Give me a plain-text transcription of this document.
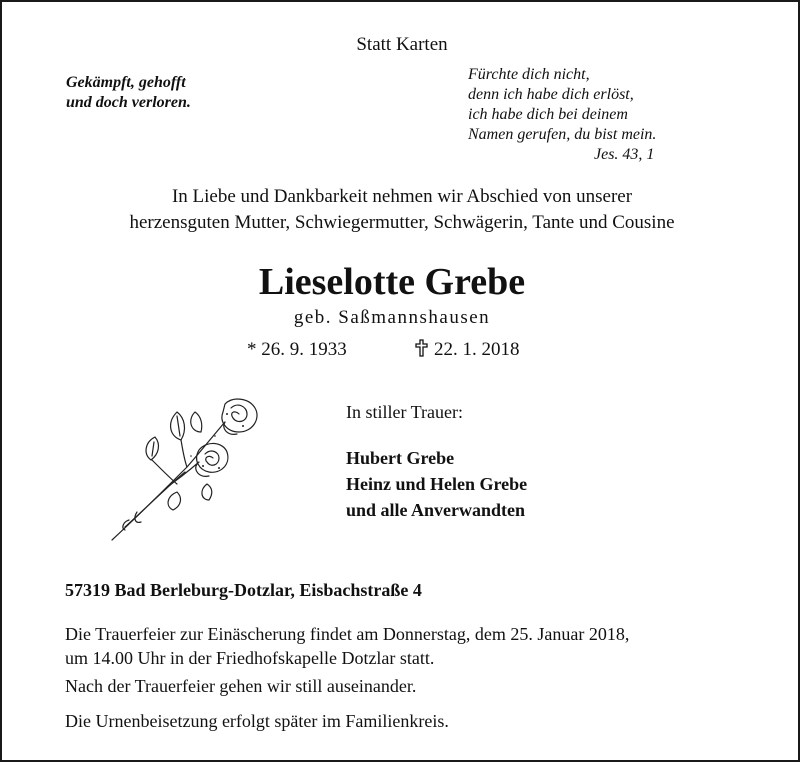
Statt Karten
Gekämpft, gehofft
und doch verloren.
Fürchte dich nicht,
denn ich habe dich erlöst,
ich habe dich bei deinem
Namen gerufen, du bist mein.
Jes. 43, 1
In Liebe und Dankbarkeit nehmen wir Abschied von unserer
herzensguten Mutter, Schwiegermutter, Schwägerin, Tante und Cousine
Lieselotte Grebe
geb. Saßmannshausen
* 26. 9. 1933	22. 1. 2018
In stiller Trauer:
Hubert Grebe
Heinz und Helen Grebe
und alle Anverwandten
57319 Bad Berleburg-Dotzlar, Eisbachstraße 4
Die Trauerfeier zur Einäscherung findet am Donnerstag, dem 25. Januar 2018,
um 14.00 Uhr in der Friedhofskapelle Dotzlar statt.
Nach der Trauerfeier gehen wir still auseinander.
Die Urnenbeisetzung erfolgt später im Familienkreis.
